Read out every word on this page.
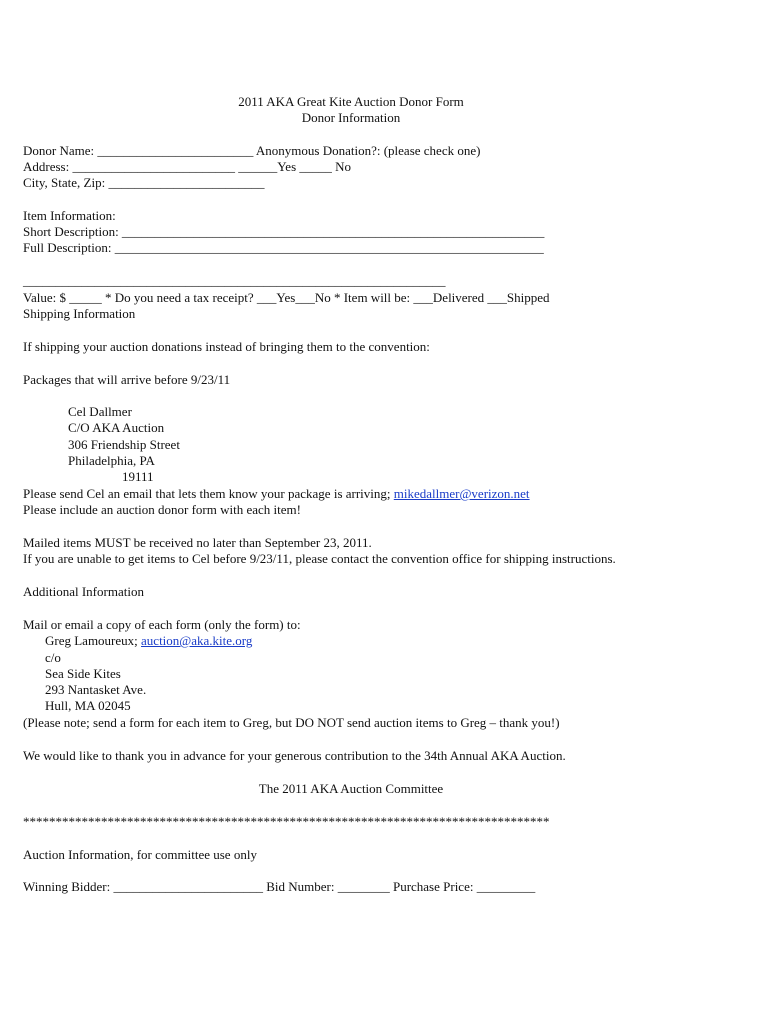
2011 AKA Great Kite Auction Donor Form
Donor Information
Donor Name: ________________________ Anonymous Donation?: (please check one)
Address: _________________________ ______Yes _____ No
City, State, Zip: ________________________
Item Information:
Short Description: _________________________________________________________________
Full Description: __________________________________________________________________
_________________________________________________________________
Value: $ _____ * Do you need a tax receipt? ___Yes___No * Item will be: ___Delivered ___Shipped
Shipping Information
If shipping your auction donations instead of bringing them to the convention:
Packages that will arrive before 9/23/11
Cel Dallmer
C/O AKA Auction
306 Friendship Street
Philadelphia, PA
19111
Please send Cel an email that lets them know your package is arriving; mikedallmer@verizon.net
Please include an auction donor form with each item!
Mailed items MUST be received no later than September 23, 2011.
If you are unable to get items to Cel before 9/23/11, please contact the convention office for shipping instructions.
Additional Information
Mail or email a copy of each form (only the form) to:
Greg Lamoureux; auction@aka.kite.org
c/o
Sea Side Kites
293 Nantasket Ave.
Hull, MA 02045
(Please note; send a form for each item to Greg, but DO NOT send auction items to Greg – thank you!)
We would like to thank you in advance for your generous contribution to the 34th Annual AKA Auction.
The 2011 AKA Auction Committee
*********************************************************************************
Auction Information, for committee use only
Winning Bidder: _______________________ Bid Number: ________ Purchase Price: _________
